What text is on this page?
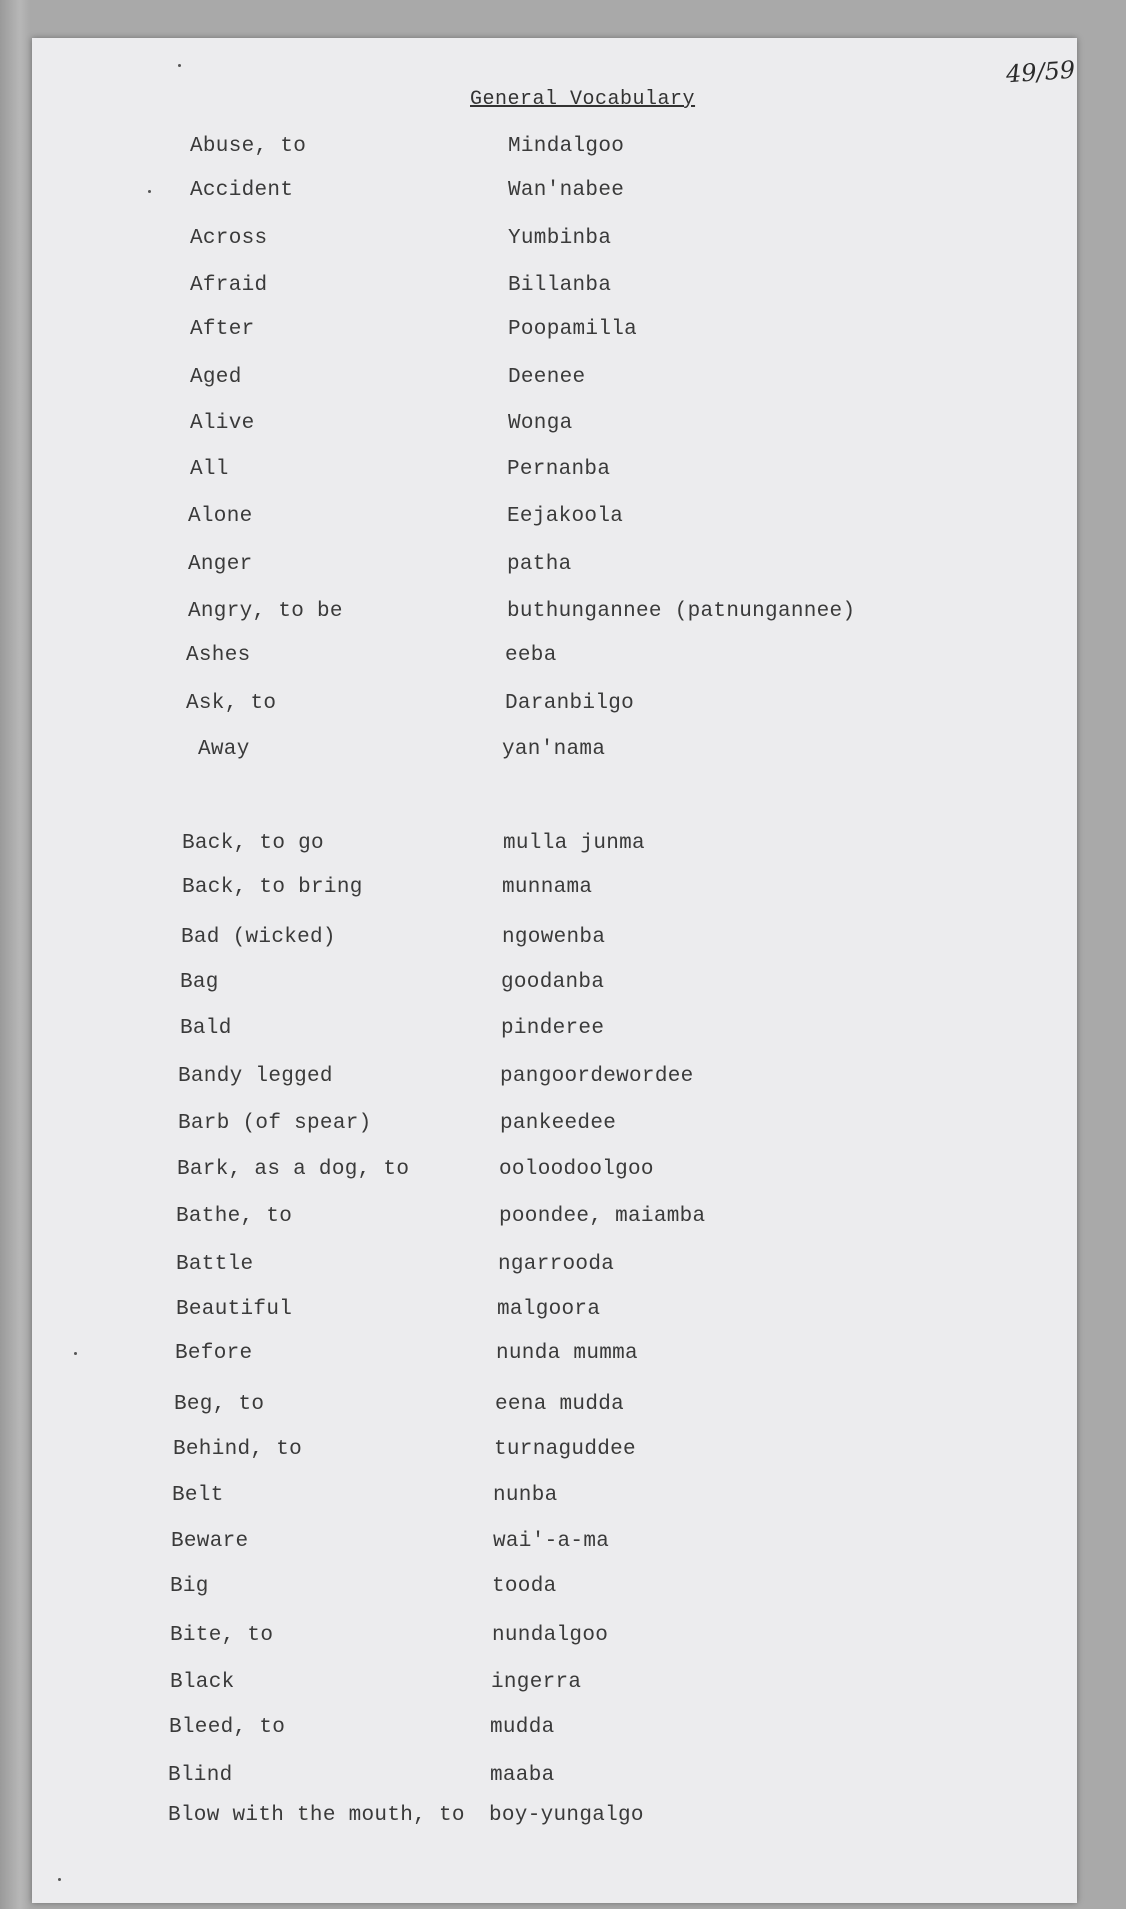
49/59
General Vocabulary
Abuse, to	Mindalgoo
Accident	Wan'nabee
Across	Yumbinba
Afraid	Billanba
After	Poopamilla
Aged	Deenee
Alive	Wonga
All	Pernanba
Alone	Eejakoola
Anger	patha
Angry, to be	buthungannee (patnungannee)
Ashes	eeba
Ask, to	Daranbilgo
Away	yan'nama
Back, to go	mulla junma
Back, to bring	munnama
Bad (wicked)	ngowenba
Bag	goodanba
Bald	pinderee
Bandy legged	pangoordewordee
Barb (of spear)	pankeedee
Bark, as a dog, to	ooloodoolgoo
Bathe, to	poondee, maiamba
Battle	ngarrooda
Beautiful	malgoora
Before	nunda mumma
Beg, to	eena mudda
Behind, to	turnaguddee
Belt	nunba
Beware	wai'-a-ma
Big	tooda
Bite, to	nundalgoo
Black	ingerra
Bleed, to	mudda
Blind	maaba
Blow with the mouth, to boy-yungalgo
